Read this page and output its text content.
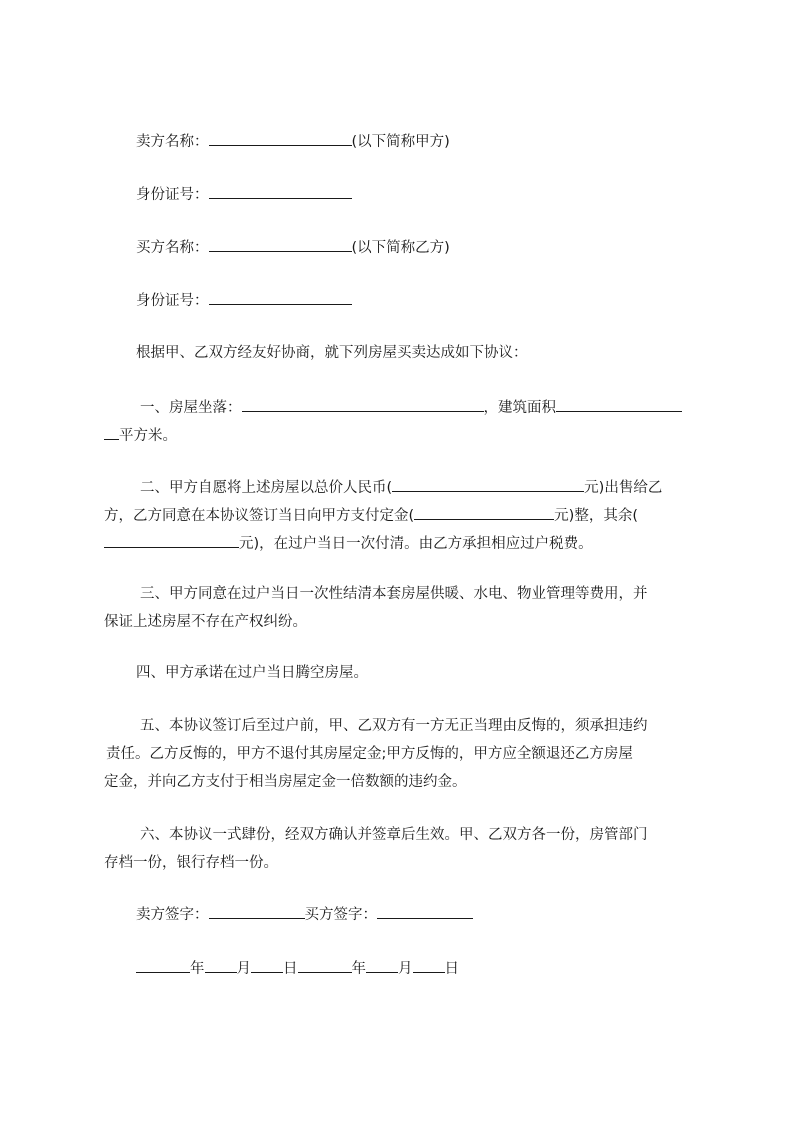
卖方名称：	(以下简称甲方)
身份证号：
买方名称：	(以下简称乙方)
身份证号：
根据甲、乙双方经友好协商，就下列房屋买卖达成如下协议：
一、房屋坐落：	，建筑面积
平方米。
二、甲方自愿将上述房屋以总价人民币(	元)出售给乙
方，乙方同意在本协议签订当日向甲方支付定金(	元)整，其余(
元)，在过户当日一次付清。由乙方承担相应过户税费。
三、甲方同意在过户当日一次性结清本套房屋供暖、水电、物业管理等费用，并
保证上述房屋不存在产权纠纷。
四、甲方承诺在过户当日腾空房屋。
五、本协议签订后至过户前，甲、乙双方有一方无正当理由反悔的，须承担违约
责任。乙方反悔的，甲方不退付其房屋定金;甲方反悔的，甲方应全额退还乙方房屋
定金，并向乙方支付于相当房屋定金一倍数额的违约金。
六、本协议一式肆份，经双方确认并签章后生效。甲、乙双方各一份，房管部门
存档一份，银行存档一份。
卖方签字：	买方签字：
年 月 日	年 月 日
